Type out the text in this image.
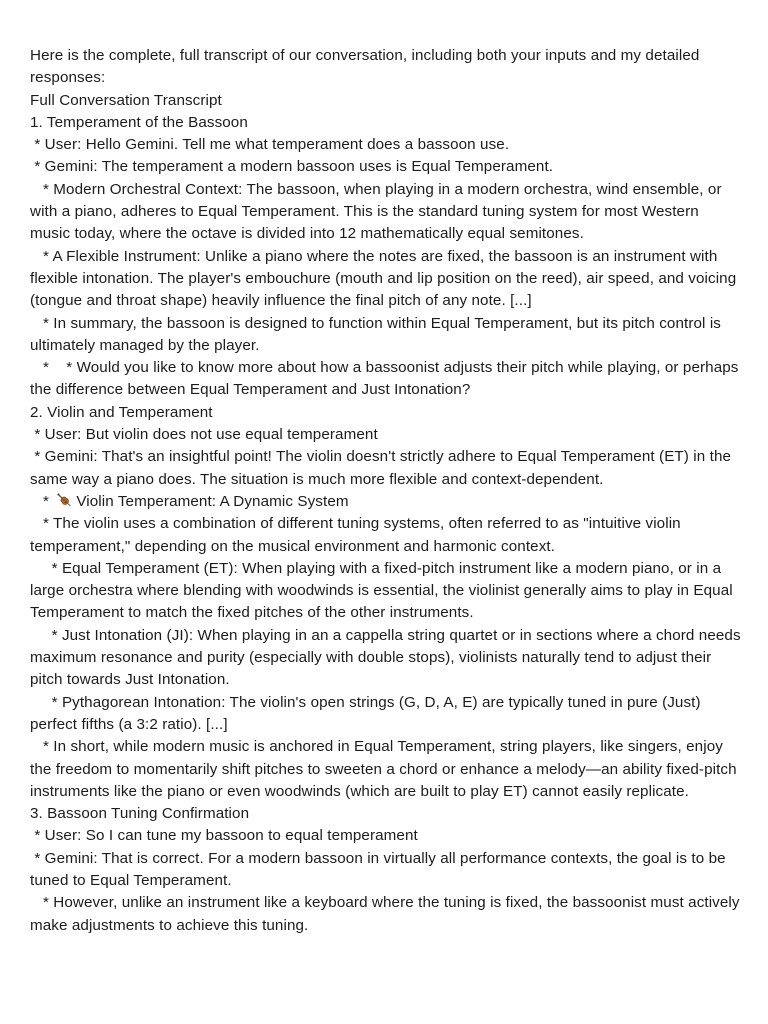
Here is the complete, full transcript of our conversation, including both your inputs and my detailed responses:
Full Conversation Transcript
1. Temperament of the Bassoon
* User: Hello Gemini. Tell me what temperament does a bassoon use.
* Gemini: The temperament a modern bassoon uses is Equal Temperament.
* Modern Orchestral Context: The bassoon, when playing in a modern orchestra, wind ensemble, or with a piano, adheres to Equal Temperament. This is the standard tuning system for most Western music today, where the octave is divided into 12 mathematically equal semitones.
* A Flexible Instrument: Unlike a piano where the notes are fixed, the bassoon is an instrument with flexible intonation. The player's embouchure (mouth and lip position on the reed), air speed, and voicing (tongue and throat shape) heavily influence the final pitch of any note. [...]
* In summary, the bassoon is designed to function within Equal Temperament, but its pitch control is ultimately managed by the player.
*    * Would you like to know more about how a bassoonist adjusts their pitch while playing, or perhaps the difference between Equal Temperament and Just Intonation?
2. Violin and Temperament
* User: But violin does not use equal temperament
* Gemini: That's an insightful point! The violin doesn't strictly adhere to Equal Temperament (ET) in the same way a piano does. The situation is much more flexible and context-dependent.
* Violin Temperament: A Dynamic System
* The violin uses a combination of different tuning systems, often referred to as "intuitive violin temperament," depending on the musical environment and harmonic context.
* Equal Temperament (ET): When playing with a fixed-pitch instrument like a modern piano, or in a large orchestra where blending with woodwinds is essential, the violinist generally aims to play in Equal Temperament to match the fixed pitches of the other instruments.
* Just Intonation (JI): When playing in an a cappella string quartet or in sections where a chord needs maximum resonance and purity (especially with double stops), violinists naturally tend to adjust their pitch towards Just Intonation.
* Pythagorean Intonation: The violin's open strings (G, D, A, E) are typically tuned in pure (Just) perfect fifths (a 3:2 ratio). [...]
* In short, while modern music is anchored in Equal Temperament, string players, like singers, enjoy the freedom to momentarily shift pitches to sweeten a chord or enhance a melody—an ability fixed-pitch instruments like the piano or even woodwinds (which are built to play ET) cannot easily replicate.
3. Bassoon Tuning Confirmation
* User: So I can tune my bassoon to equal temperament
* Gemini: That is correct. For a modern bassoon in virtually all performance contexts, the goal is to be tuned to Equal Temperament.
* However, unlike an instrument like a keyboard where the tuning is fixed, the bassoonist must actively make adjustments to achieve this tuning.
